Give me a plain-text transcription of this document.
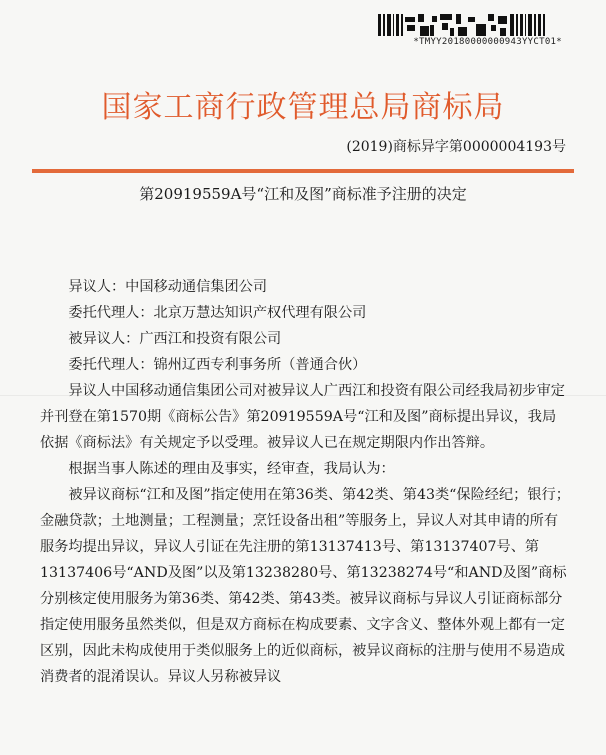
*TMYY20180000000943YYCT01*
国家工商行政管理总局商标局
(2019)商标异字第0000004193号
第20919559A号“江和及图”商标准予注册的决定

异议人：中国移动通信集团公司

委托代理人：北京万慧达知识产权代理有限公司

被异议人：广西江和投资有限公司

委托代理人：锦州辽西专利事务所（普通合伙）

异议人中国移动通信集团公司对被异议人广西江和投资有限公司经我局初步审定并刊登在第1570期《商标公告》第20919559A号“江和及图”商标提出异议，我局依据《商标法》有关规定予以受理。被异议人已在规定期限内作出答辩。

根据当事人陈述的理由及事实，经审查，我局认为：

被异议商标“江和及图”指定使用在第36类、第42类、第43类“保险经纪；银行；金融贷款；土地测量；工程测量；烹饪设备出租”等服务上，异议人对其申请的所有服务均提出异议，异议人引证在先注册的第13137413号、第13137407号、第13137406号“AND及图”以及第13238280号、第13238274号“和AND及图”商标分别核定使用服务为第36类、第42类、第43类。被异议商标与异议人引证商标部分指定使用服务虽然类似，但是双方商标在构成要素、文字含义、整体外观上都有一定区别，因此未构成使用于类似服务上的近似商标，被异议商标的注册与使用不易造成消费者的混淆误认。异议人另称被异议
